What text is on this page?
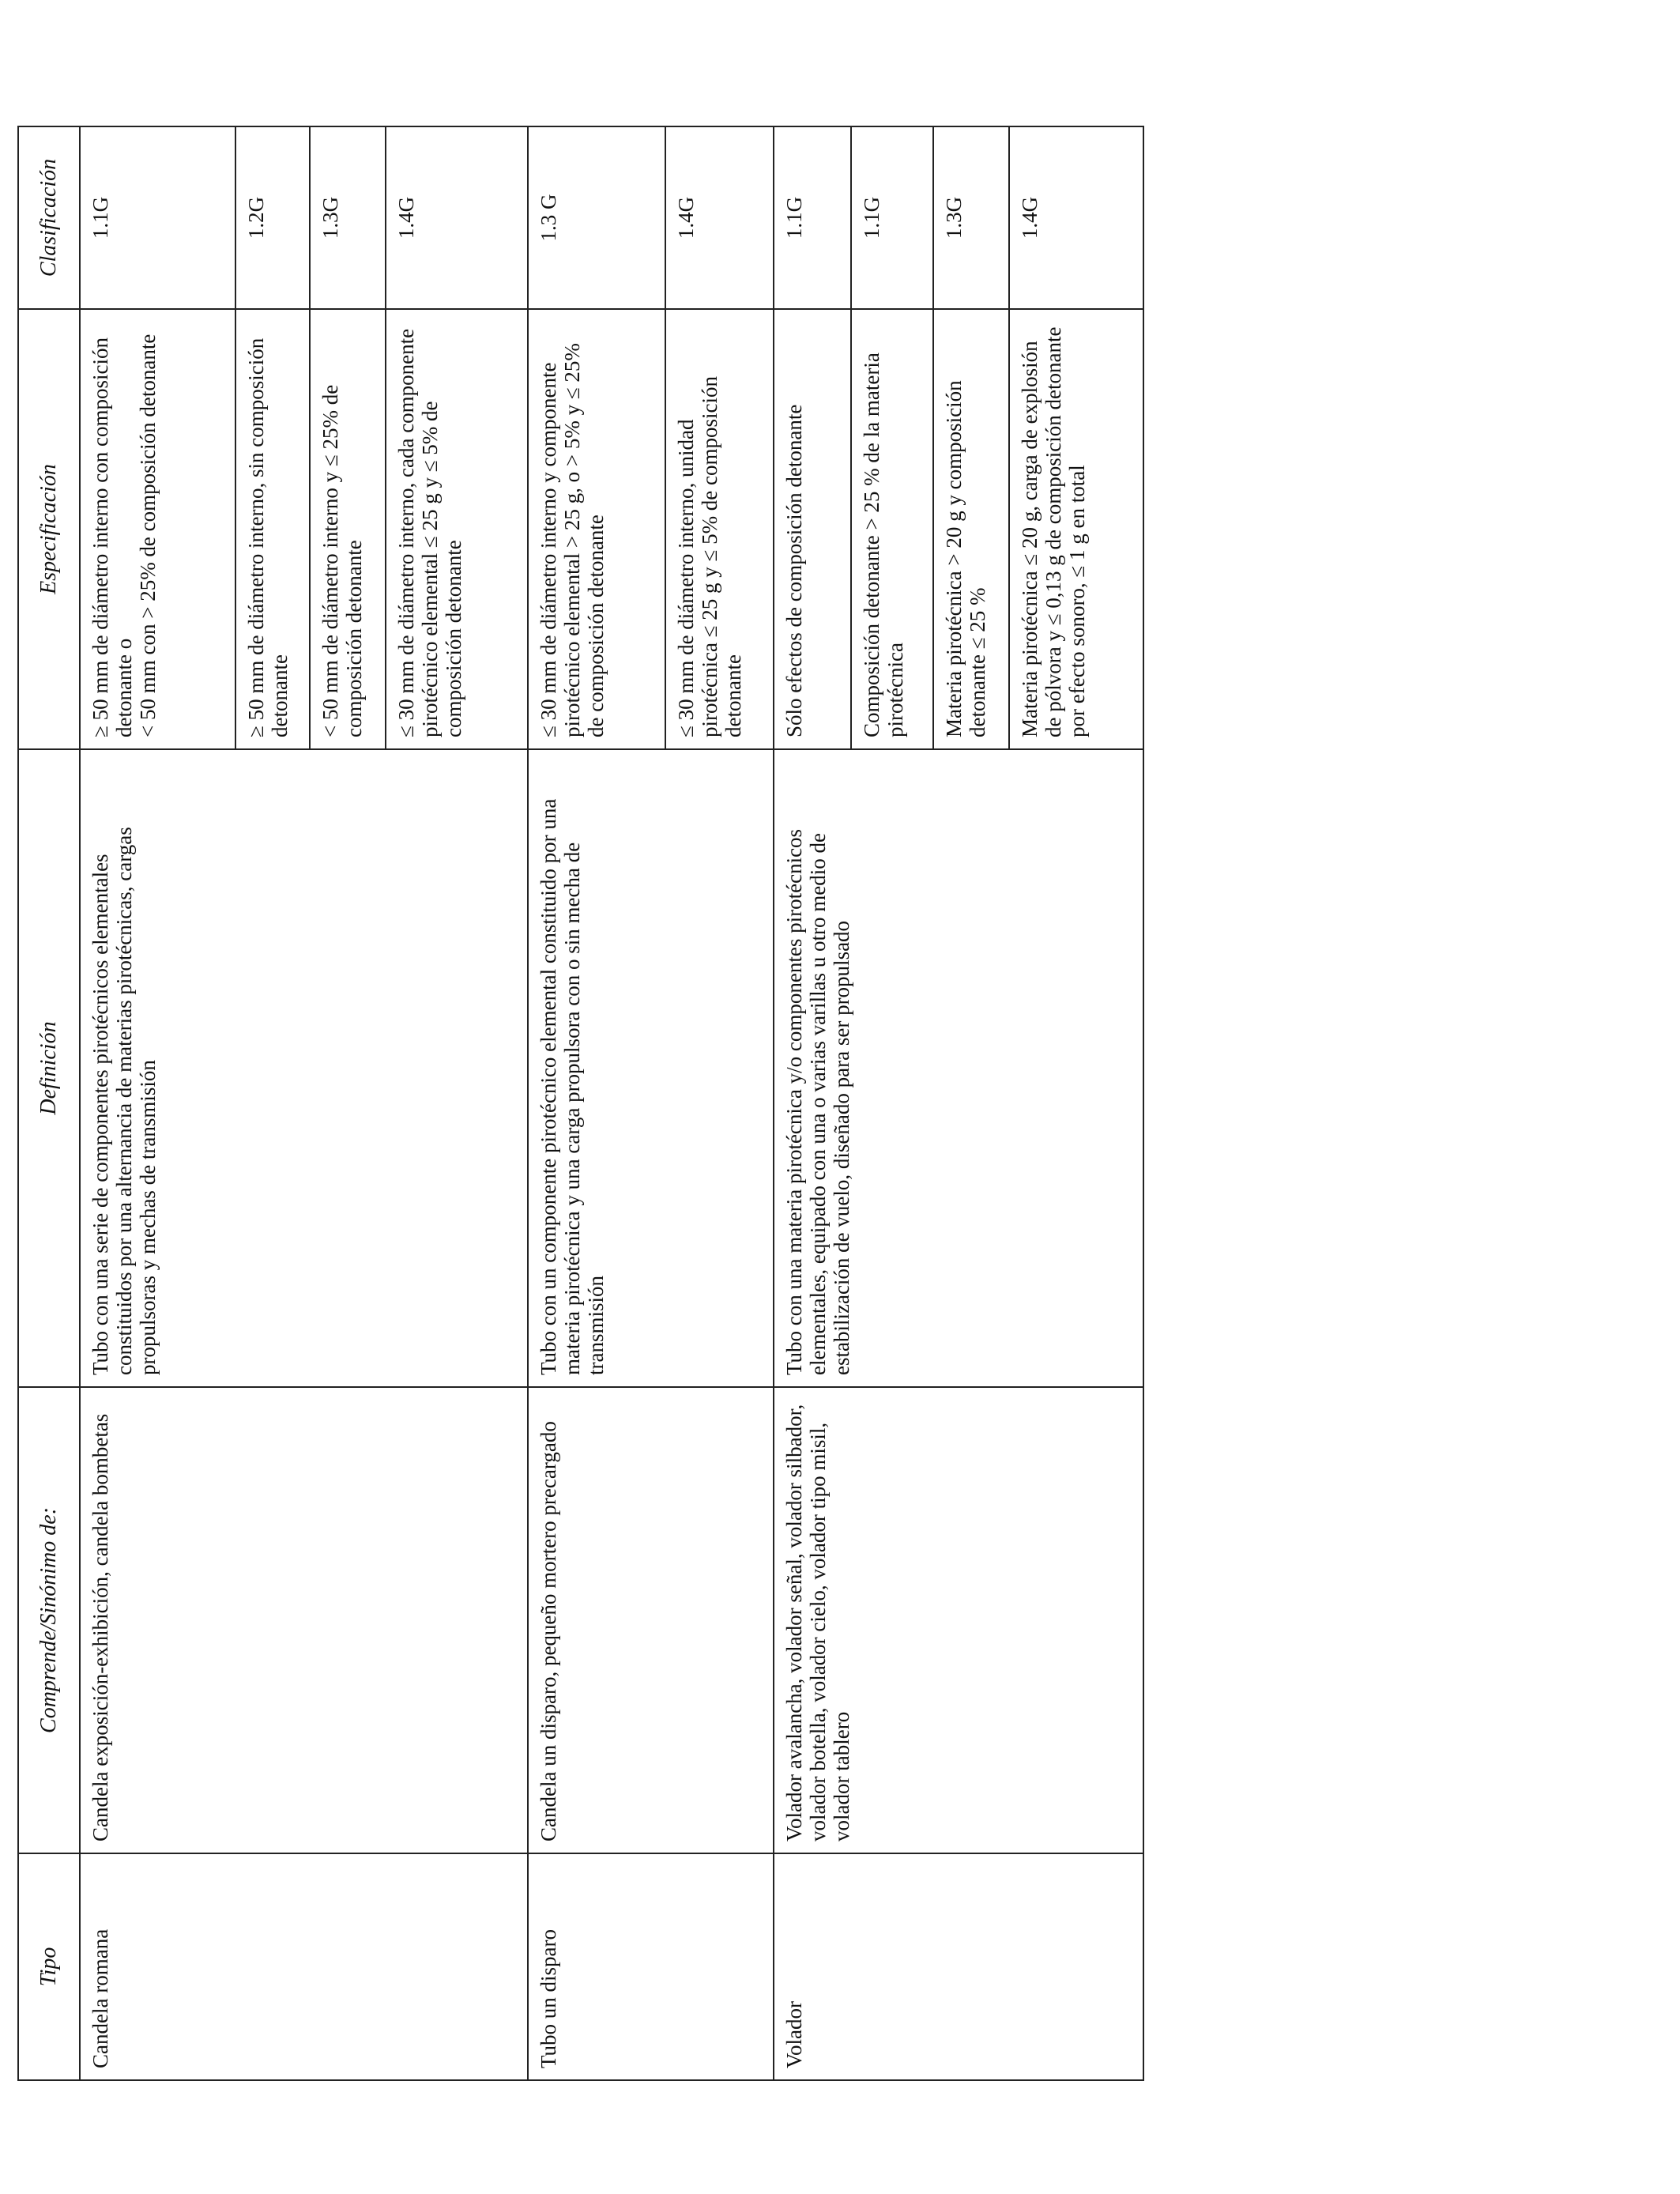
Tipo	Comprende/Sinónimo de:	Definición	Especificación	Clasificación
Candela romana	Candela exposición-exhibición, candela bombetas	Tubo con una serie de componentes pirotécnicos elementales constituidos por una alternancia de materias pirotécnicas, cargas propulsoras y mechas de transmisión	≥ 50 mm de diámetro interno con composición detonante o < 50 mm con > 25% de composición detonante	1.1G
			≥ 50 mm de diámetro interno, sin composición detonante	1.2G
			< 50 mm de diámetro interno y ≤ 25% de composición detonante	1.3G
			≤ 30 mm de diámetro interno, cada componente pirotécnico elemental ≤ 25 g y ≤ 5% de composición detonante	1.4G
Tubo un disparo	Candela un disparo, pequeño mortero precargado	Tubo con un componente pirotécnico elemental constituido por una materia pirotécnica y una carga propulsora con o sin mecha de transmisión	≤ 30 mm de diámetro interno y componente pirotécnico elemental > 25 g, o > 5% y ≤ 25% de composición detonante	1.3 G
			≤ 30 mm de diámetro interno, unidad pirotécnica ≤ 25 g y ≤ 5% de composición detonante	1.4G
Volador	Volador avalancha, volador señal, volador silbador, volador botella, volador cielo, volador tipo misil, volador tablero	Tubo con una materia pirotécnica y/o componentes pirotécnicos elementales, equipado con una o varias varillas u otro medio de estabilización de vuelo, diseñado para ser propulsado	Sólo efectos de composición detonante	1.1G
			Composición detonante > 25 % de la materia pirotécnica	1.1G
			Materia pirotécnica > 20 g y composición detonante ≤ 25 %	1.3G
			Materia pirotécnica ≤ 20 g, carga de explosión de pólvora y ≤ 0,13 g de composición detonante por efecto sonoro, ≤ 1 g en total	1.4G
